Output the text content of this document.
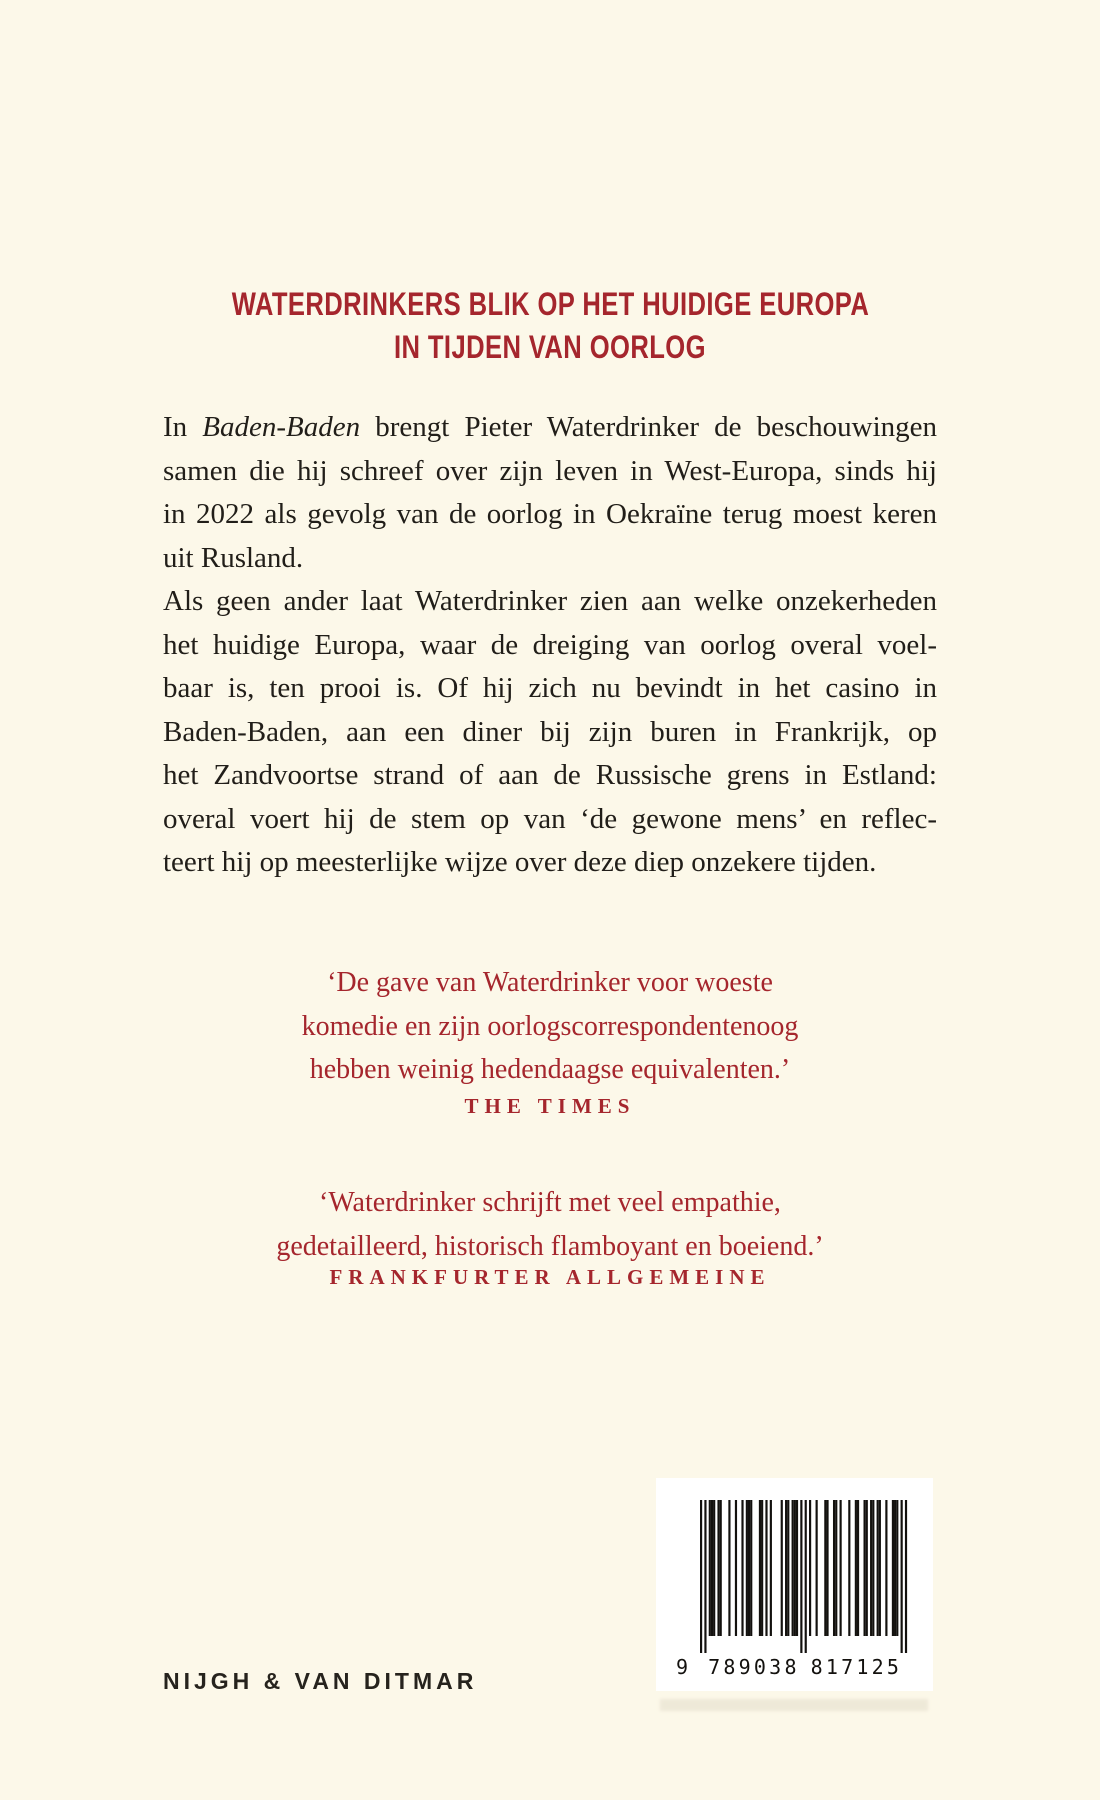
WATERDRINKERS BLIK OP HET HUIDIGE EUROPA
IN TIJDEN VAN OORLOG
In Baden-Baden brengt Pieter Waterdrinker de beschouwingen
samen die hij schreef over zijn leven in West-Europa, sinds hij
in 2022 als gevolg van de oorlog in Oekraïne terug moest keren
uit Rusland.
Als geen ander laat Waterdrinker zien aan welke onzekerheden
het huidige Europa, waar de dreiging van oorlog overal voel-
baar is, ten prooi is. Of hij zich nu bevindt in het casino in
Baden-Baden, aan een diner bij zijn buren in Frankrijk, op
het Zandvoortse strand of aan de Russische grens in Estland:
overal voert hij de stem op van ‘de gewone mens’ en reflec-
teert hij op meesterlijke wijze over deze diep onzekere tijden.
‘De gave van Waterdrinker voor woeste
komedie en zijn oorlogscorrespondentenoog
hebben weinig hedendaagse equivalenten.’
THE TIMES
‘Waterdrinker schrijft met veel empathie,
gedetailleerd, historisch flamboyant en boeiend.’
FRANKFURTER ALLGEMEINE
NIJGH & VAN DITMAR
9 7 8 9 0 3 8 8 1 7 1 2 5
